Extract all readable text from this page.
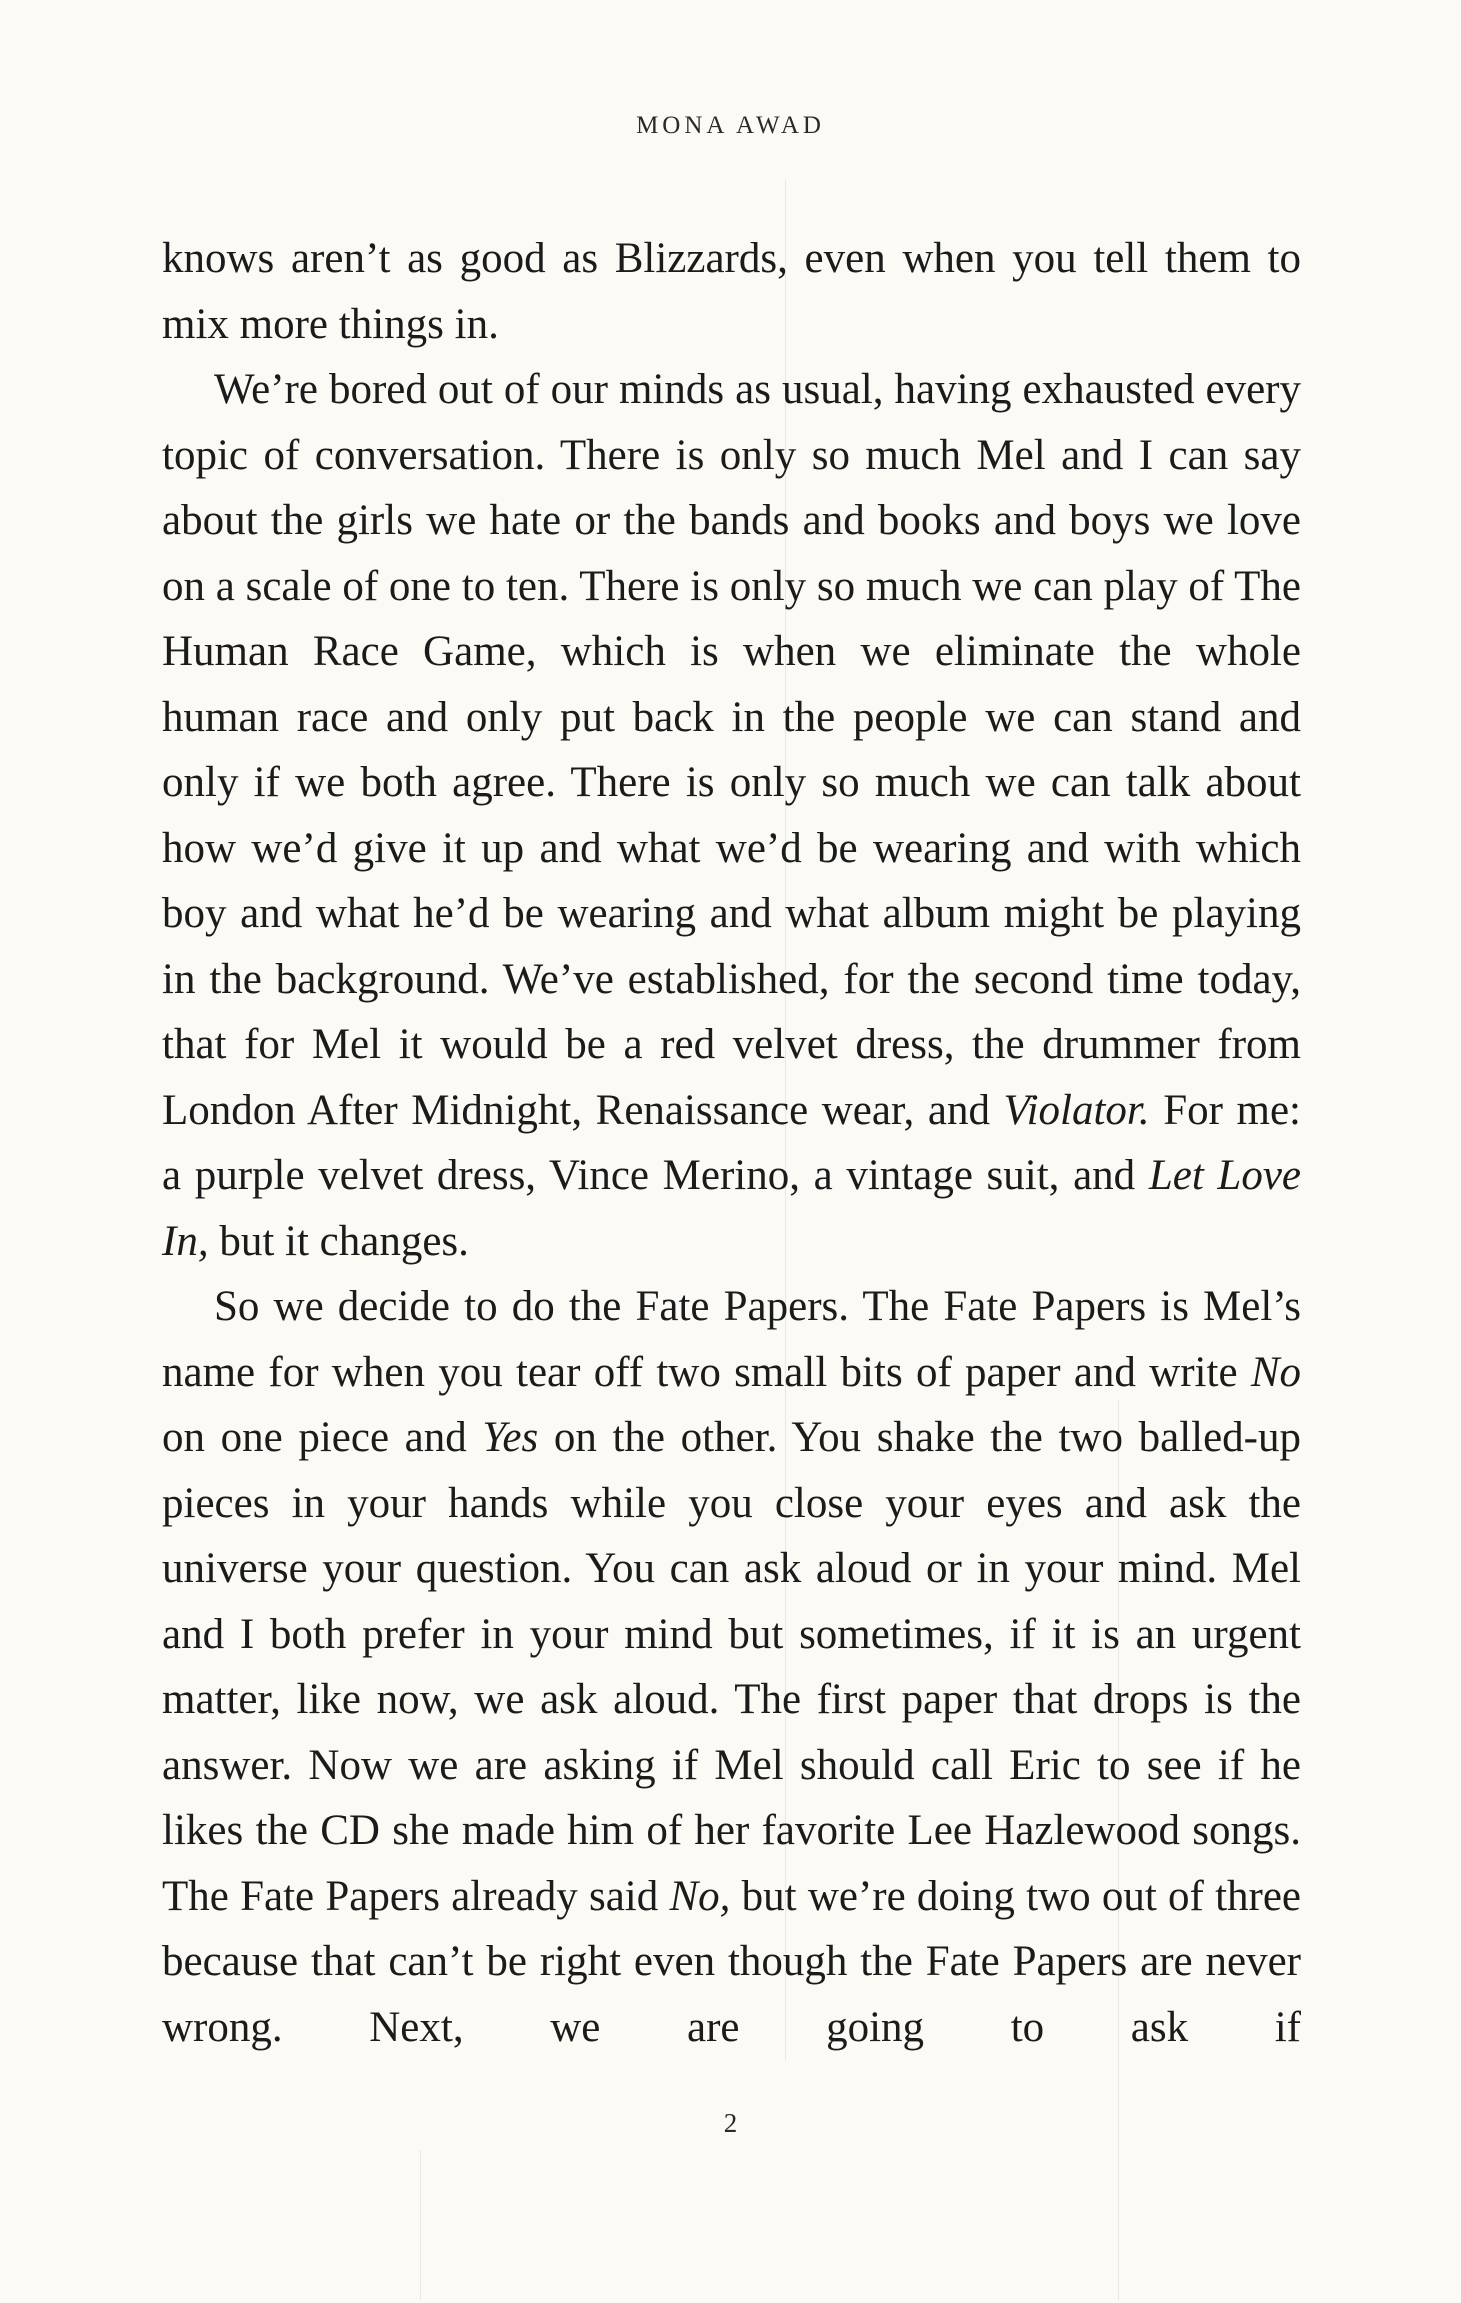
MONA AWAD

knows aren’t as good as Blizzards, even when you tell them to mix more things in.

We’re bored out of our minds as usual, having exhausted every topic of conversation. There is only so much Mel and I can say about the girls we hate or the bands and books and boys we love on a scale of one to ten. There is only so much we can play of The Human Race Game, which is when we eliminate the whole human race and only put back in the people we can stand and only if we both agree. There is only so much we can talk about how we’d give it up and what we’d be wearing and with which boy and what he’d be wearing and what album might be playing in the background. We’ve established, for the second time today, that for Mel it would be a red velvet dress, the drummer from London After Midnight, Renaissance wear, and Violator. For me: a purple velvet dress, Vince Merino, a vintage suit, and Let Love In, but it changes.

So we decide to do the Fate Papers. The Fate Papers is Mel’s name for when you tear off two small bits of paper and write No on one piece and Yes on the other. You shake the two balled-up pieces in your hands while you close your eyes and ask the universe your question. You can ask aloud or in your mind. Mel and I both prefer in your mind but sometimes, if it is an urgent matter, like now, we ask aloud. The first paper that drops is the answer. Now we are asking if Mel should call Eric to see if he likes the CD she made him of her favorite Lee Hazlewood songs. The Fate Papers already said No, but we’re doing two out of three because that can’t be right even though the Fate Papers are never wrong. Next, we are going to ask if

2
